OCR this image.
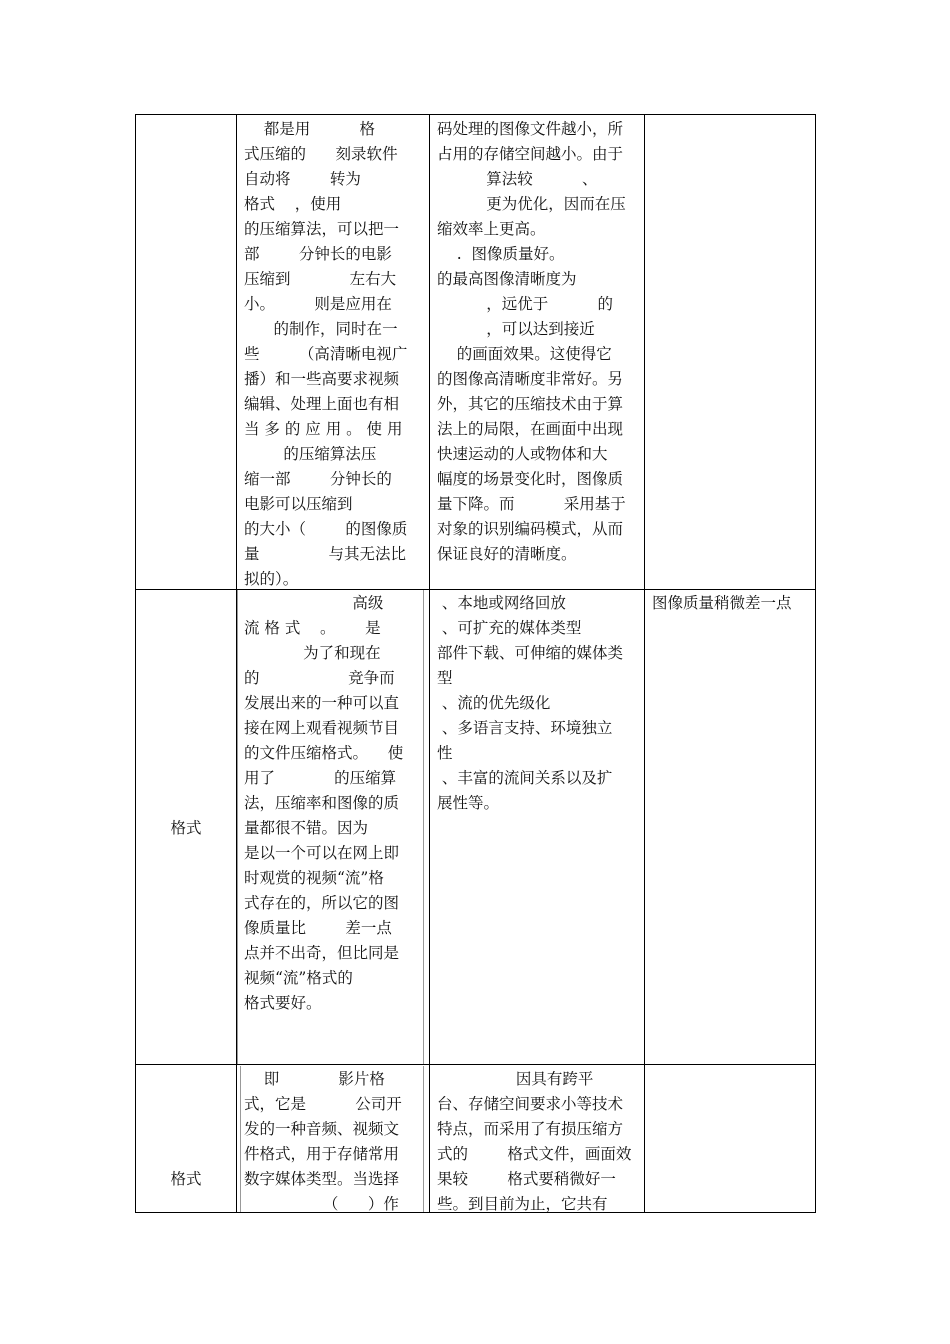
都是用          格

式压缩的      刻录软件

自动将        转为

格式    ，使用

的压缩算法，可以把一

部        分钟长的电影

压缩到            左右大

小。        则是应用在

的制作，同时在一

些        （高清晰电视广

播）和一些高要求视频

编辑、处理上面也有相

当 多 的 应 用 。 使 用

的压缩算法压

缩一部        分钟长的

电影可以压缩到

的大小（        的图像质

量              与其无法比

拟的）。

码处理的图像文件越小，所

占用的存储空间越小。由于

算法较          、

更为优化，因而在压

缩效率上更高。

.  图像质量好。

的最高图像清晰度为

，远优于          的

，可以达到接近

的画面效果。这使得它

的图像高清晰度非常好。另

外，其它的压缩技术由于算

法上的局限，在画面中出现

快速运动的人或物体和大

幅度的场景变化时，图像质

量下降。而          采用基于

对象的识别编码模式，从而

保证良好的清晰度。

格式

高级

流 格 式    。      是

为了和现在

的                  竞争而

发展出来的一种可以直

接在网上观看视频节目

的文件压缩格式。    使

用了            的压缩算

法，压缩率和图像的质

量都很不错。因为

是以一个可以在网上即

时观赏的视频“流”格

式存在的，所以它的图

像质量比        差一点

点并不出奇，但比同是

视频“流”格式的

格式要好。

、本地或网络回放

、可扩充的媒体类型

部件下载、可伸缩的媒体类

型

、流的优先级化

、多语言支持、环境独立

性

、丰富的流间关系以及扩

展性等。

图像质量稍微差一点

格式

即            影片格

式，它是          公司开

发的一种音频、视频文

件格式，用于存储常用

数字媒体类型。当选择

（      ）作

因具有跨平

台、存储空间要求小等技术

特点，而采用了有损压缩方

式的        格式文件，画面效

果较        格式要稍微好一

些。到目前为止，它共有
